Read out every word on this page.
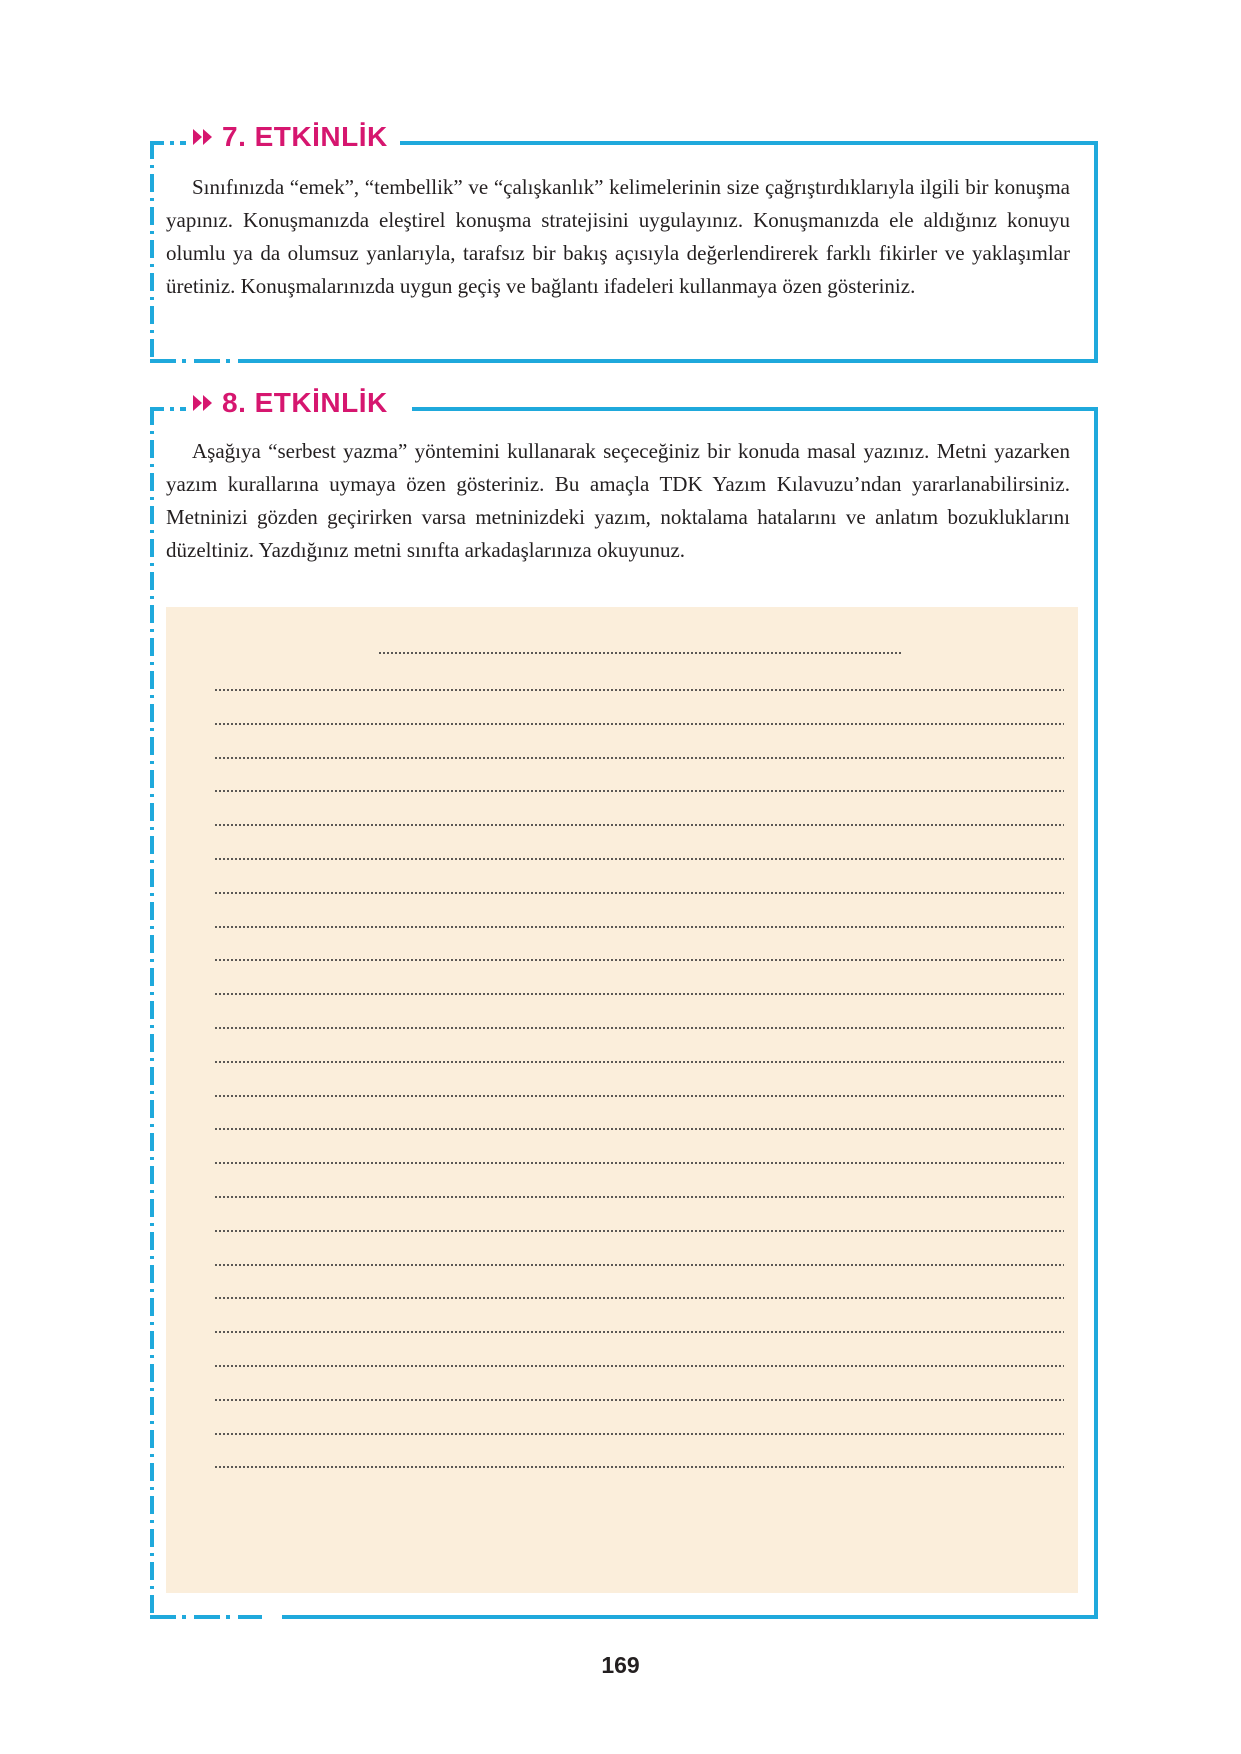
7. ETKİNLİK

Sınıfınızda “emek”, “tembellik” ve “çalışkanlık” kelimelerinin size çağrıştırdıklarıyla ilgili bir konuşma yapınız. Konuşmanızda eleştirel konuşma stratejisini uygulayınız. Konuşmanızda ele aldığınız konuyu olumlu ya da olumsuz yanlarıyla, tarafsız bir bakış açısıyla değerlendirerek farklı fikirler ve yaklaşımlar üretiniz. Konuşmalarınızda uygun geçiş ve bağlantı ifadeleri kullanmaya özen gösteriniz.

8. ETKİNLİK

Aşağıya “serbest yazma” yöntemini kullanarak seçeceğiniz bir konuda masal yazınız. Metni yazarken yazım kurallarına uymaya özen gösteriniz. Bu amaçla TDK Yazım Kılavuzu’ndan yararlanabilirsiniz. Metninizi gözden geçirirken varsa metninizdeki yazım, noktalama hatalarını ve anlatım bozukluklarını düzeltiniz. Yazdığınız metni sınıfta arkadaşlarınıza okuyunuz.

169
